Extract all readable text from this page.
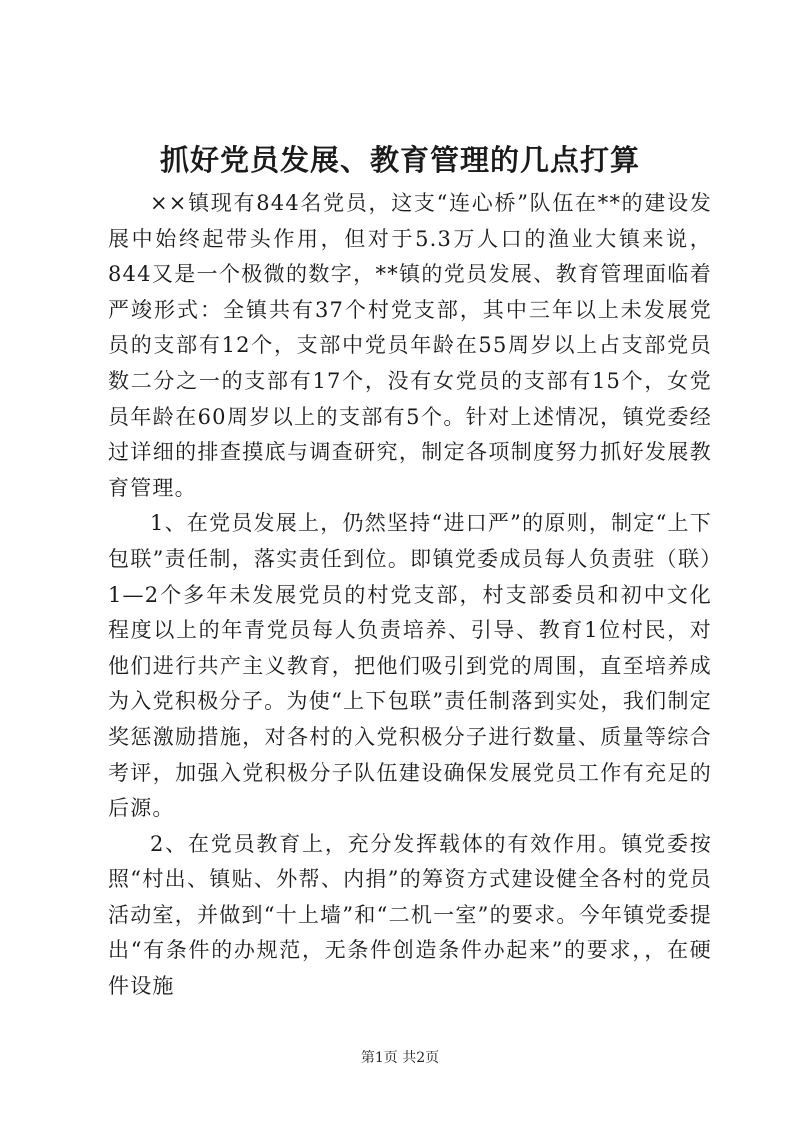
抓好党员发展、教育管理的几点打算

××镇现有844名党员，这支“连心桥”队伍在**的建设发展中始终起带头作用，但对于5.3万人口的渔业大镇来说，844又是一个极微的数字，**镇的党员发展、教育管理面临着严竣形式：全镇共有37个村党支部，其中三年以上未发展党员的支部有12个，支部中党员年龄在55周岁以上占支部党员数二分之一的支部有17个，没有女党员的支部有15个，女党员年龄在60周岁以上的支部有5个。针对上述情况，镇党委经过详细的排查摸底与调查研究，制定各项制度努力抓好发展教育管理。

1、在党员发展上，仍然坚持“进口严”的原则，制定“上下包联”责任制，落实责任到位。即镇党委成员每人负责驻（联）1—2个多年未发展党员的村党支部，村支部委员和初中文化程度以上的年青党员每人负责培养、引导、教育1位村民，对他们进行共产主义教育，把他们吸引到党的周围，直至培养成为入党积极分子。为使“上下包联”责任制落到实处，我们制定奖惩激励措施，对各村的入党积极分子进行数量、质量等综合考评，加强入党积极分子队伍建设确保发展党员工作有充足的后源。

2、在党员教育上，充分发挥载体的有效作用。镇党委按照“村出、镇贴、外帮、内捐”的筹资方式建设健全各村的党员活动室，并做到“十上墙”和“二机一室”的要求。今年镇党委提出“有条件的办规范，无条件创造条件办起来”的要求，，在硬件设施

第1页 共2页
